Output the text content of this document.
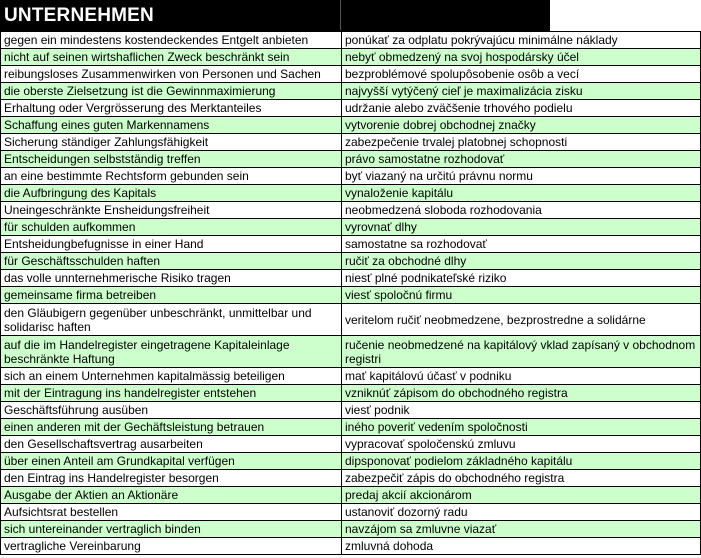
UNTERNEHMEN
gegen ein mindestens kostendeckendes Entgelt anbieten	ponúkať za odplatu pokrývajúcu minimálne náklady
nicht auf seinen wirtshaflichen Zweck beschränkt sein	nebyť obmedzený na svoj hospodársky účel
reibungsloses Zusammenwirken von Personen und Sachen	bezproblémové spolupôsobenie osôb a vecí
die oberste Zielsetzung ist die Gewinnmaximierung	najvyšší vytýčený cieľ je maximalizácia zisku
Erhaltung oder Vergrösserung des Merktanteiles	udržanie alebo zväčšenie trhového podielu
Schaffung eines guten Markennamens	vytvorenie dobrej obchodnej značky
Sicherung ständiger Zahlungsfähigkeit	zabezpečenie trvalej platobnej schopnosti
Entscheidungen selbstständig treffen	právo samostatne rozhodovať
an eine bestimmte Rechtsform gebunden sein	byť viazaný na určitú právnu normu
die Aufbringung des Kapitals	vynaloženie kapitálu
Uneingeschränkte Ensheidungsfreiheit	neobmedzená sloboda rozhodovania
für schulden aufkommen	vyrovnať dlhy
Entsheidungbefugnisse in einer Hand	samostatne sa rozhodovať
für Geschäftsschulden haften	ručiť za obchodné dlhy
das volle unnternehmerische Risiko tragen	niesť plné podnikateľské riziko
gemeinsame firma betreiben	viesť spoločnú firmu
den Gläubigern gegenüber unbeschränkt, unmittelbar und solidarisc haften	veritelom ručiť neobmedzene, bezprostredne a solidárne
auf die im Handelregister eingetragene Kapitaleinlage beschränkte Haftung	ručenie neobmedzené na kapitálový vklad zapísaný v obchodnom registri
sich an einem Unternehmen kapitalmässig beteiligen	mať kapitálovú účasť v podniku
mit der Eintragung ins handelregister entstehen	vzniknúť zápisom do obchodného registra
Geschäftsführung ausüben	viesť podnik
einen anderen mit der Gechäftsleistung betrauen	iného poveriť vedením spoločnosti
den Gesellschaftsvertrag ausarbeiten	vypracovať spoločenskú zmluvu
über einen Anteil am Grundkapital verfügen	dipsponovať podielom základného kapitálu
den Eintrag ins Handelregister besorgen	zabezpečiť zápis do obchodného registra
Ausgabe der Aktien an Aktionäre	predaj akcií akcionárom
Aufsichtsrat bestellen	ustanoviť dozorný radu
sich untereinander vertraglich binden	navzájom sa zmluvne viazať
vertragliche Vereinbarung	zmluvná dohoda
